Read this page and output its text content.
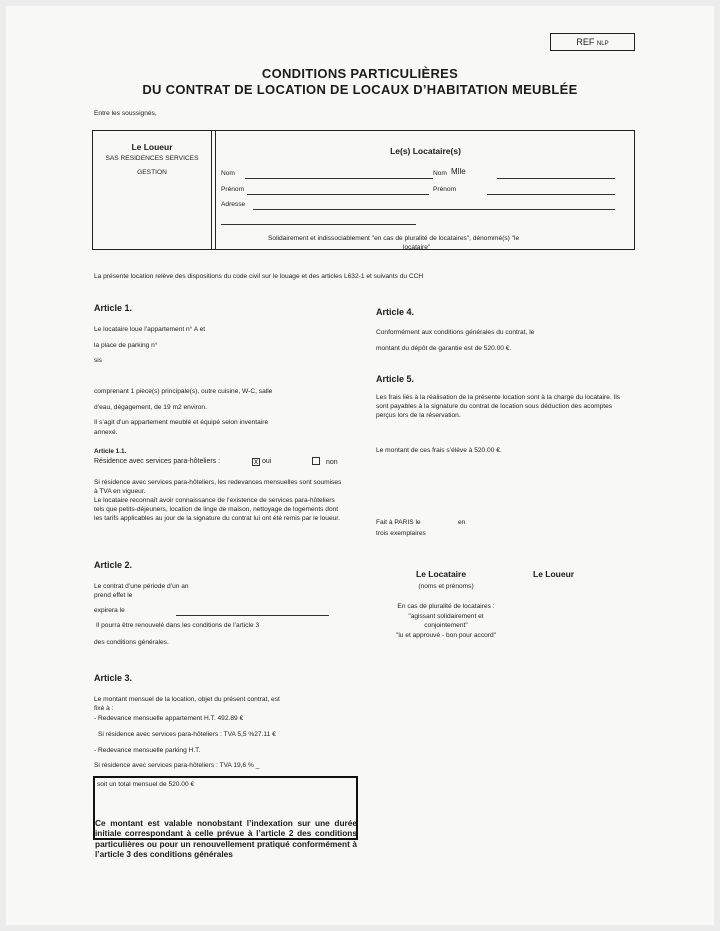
REF NLP
CONDITIONS PARTICULIÈRES
DU CONTRAT DE LOCATION DE LOCAUX D’HABITATION MEUBLÉE
Entre les soussignés,
Le Loueur
SAS RESIDENCES SERVICES
GESTION
Le(s) Locataire(s)
Nom	Nom Mlle
Prénom	Prénom
Adresse
Solidairement et indissociablement "en cas de pluralité de locataires", dénommé(s) "le
locataire"
La présente location relève des dispositions du code civil sur le louage et des articles L632-1 et suivants du CCH
Article 1.
Le locataire loue l’appartement n° A et
la place de parking n°
sis
comprenant 1 pièce(s) principale(s), outre cuisine, W-C, salle
d’eau, dégagement, de 19 m2 environ.
Il s’agit d’un appartement meublé et équipé selon inventaire
annexé.
Article 1.1.
Résidence avec services para-hôteliers :	x oui	non
Si résidence avec services para-hôteliers, les redevances mensuelles sont soumises à TVA en vigueur.
Le locataire reconnaît avoir connaissance de l’existence de services para-hôteliers tels que petits-déjeuners, location de linge de maison, nettoyage de logements dont les tarifs applicables au jour de la signature du contrat lui ont été remis par le loueur.
Article 2.
Le contrat d’une période d’un an
prend effet le
expirera le
Il pourra être renouvelé dans les conditions de l’article 3
des conditions générales.
Article 3.
Le montant mensuel de la location, objet du présent contrat, est
fixé à :
- Redevance mensuelle appartement H.T. 492.89 €
Si résidence avec services para-hôteliers : TVA 5,5 %27.11 €
- Redevance mensuelle parking H.T.
Si résidence avec services para-hôteliers : TVA 19,6 % _
soit un total mensuel de 520.00 €
Ce montant est valable nonobstant l’indexation sur une durée initiale correspondant à celle prévue à l’article 2 des conditions particulières ou pour un renouvellement pratiqué conformément à l’article 3 des conditions générales
Article 4.
Conformément aux conditions générales du contrat, le
montant du dépôt de garantie est de 520.00 €.
Article 5.
Les frais liés à la réalisation de la présente location sont à la charge du locataire. Ils sont payables à la signature du contrat de location sous déduction des acomptes perçus lors de la réservation.
Le montant de ces frais s’élève à 520.00 €.
Fait à PARIS le	en
trois exemplaires
Le Locataire	Le Loueur
(noms et prénoms)
En cas de pluralité de locataires :
"agissant solidairement et
conjointement"
"lu et approuvé - bon pour accord"
